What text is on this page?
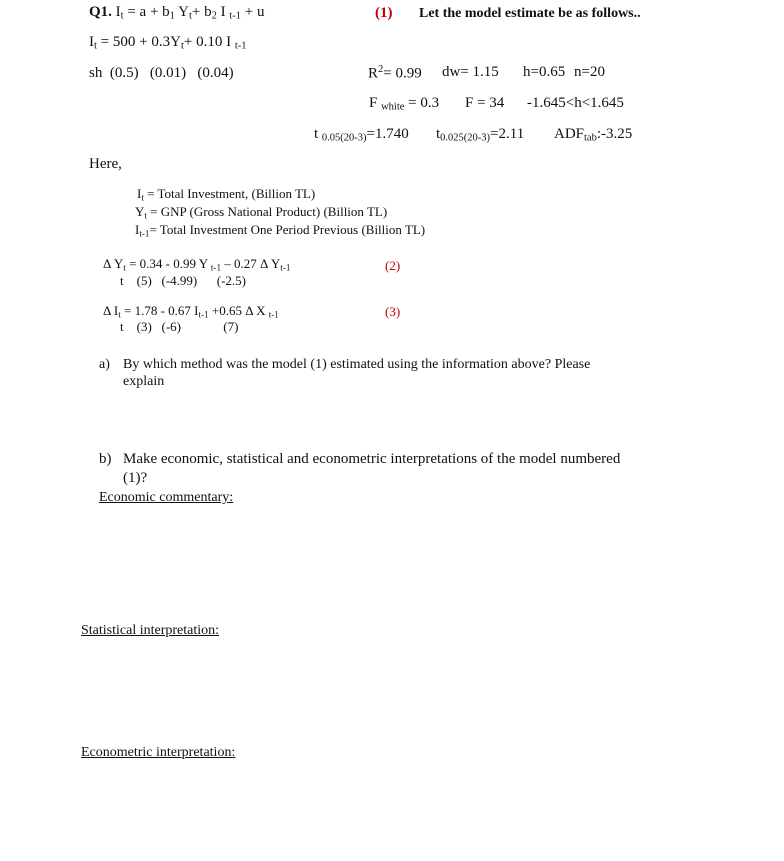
Q1. $I_t = a + b_1$ $Y_t+ b_2$ I $_{t-1}$ + u	(1) Let the model estimate be as follows..
$I_t = 500 + 0.3Y_t+ 0.10$ I $_{t-1}$
sh  (0.5)   (0.01)   (0.04)	$R^2= 0.99$ dw= 1.15 h=0.65 n=20
F $_{white}$ = 0.3 F = 34 -1.645<h<1.645
t $_{0.05(20-3)}$=1.740 $t_{0.025(20-3)}=2.11$ $ADF_{tab}:-3.25$
Here,
$I_t$ = Total Investment, (Billion TL)
$Y_t$ = GNP (Gross National Product) (Billion TL)
$I_{t-1}=$ Total Investment One Period Previous (Billion TL)
Δ $Y_t = 0.34 - 0.99$ Y $_{t-1}$ – 0.27 Δ $Y_{t-1}$
t    (5)   (-4.99)      (-2.5)
(2)
Δ $I_t = 1.78 - 0.67$ $I_{t-1} +0.65$ Δ X $_{t-1}$
t    (3)   (-6)             (7)
(3)
a) By which method was the model (1) estimated using the information above? Please
explain
b) Make economic, statistical and econometric interpretations of the model numbered
(1)?
Economic commentary:
Statistical interpretation:
Econometric interpretation:
